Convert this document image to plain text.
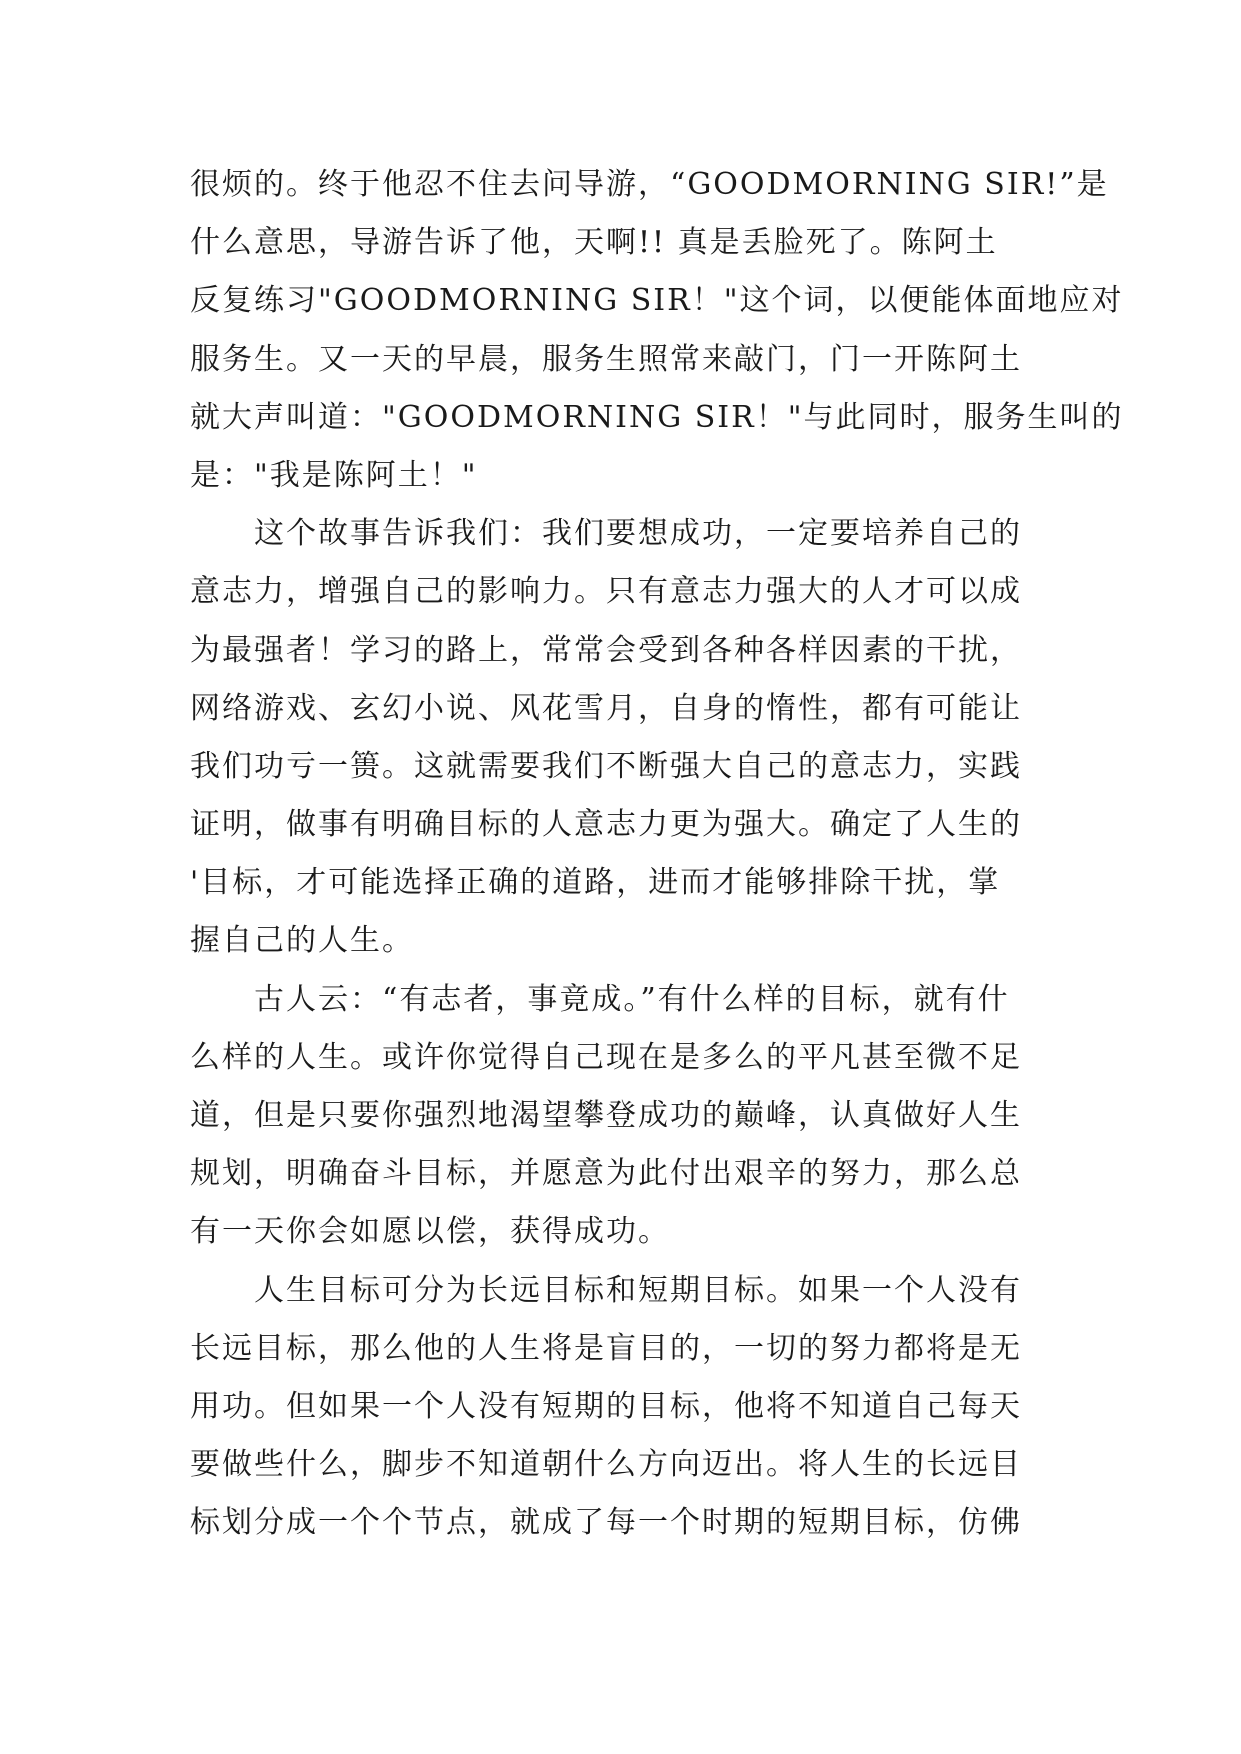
很烦的。终于他忍不住去问导游，“GOODMORNING SIR!”是
什么意思，导游告诉了他，天啊!! 真是丢脸死了。陈阿土
反复练习"GOODMORNING SIR！"这个词，以便能体面地应对
服务生。又一天的早晨，服务生照常来敲门，门一开陈阿土
就大声叫道："GOODMORNING SIR！"与此同时，服务生叫的
是："我是陈阿土！"
这个故事告诉我们：我们要想成功，一定要培养自己的
意志力，增强自己的影响力。只有意志力强大的人才可以成
为最强者！学习的路上，常常会受到各种各样因素的干扰，
网络游戏、玄幻小说、风花雪月，自身的惰性，都有可能让
我们功亏一篑。这就需要我们不断强大自己的意志力，实践
证明，做事有明确目标的人意志力更为强大。确定了人生的
'目标，才可能选择正确的道路，进而才能够排除干扰，掌
握自己的人生。
古人云：“有志者，事竟成。”有什么样的目标，就有什
么样的人生。或许你觉得自己现在是多么的平凡甚至微不足
道，但是只要你强烈地渴望攀登成功的巅峰，认真做好人生
规划，明确奋斗目标，并愿意为此付出艰辛的努力，那么总
有一天你会如愿以偿，获得成功。
人生目标可分为长远目标和短期目标。如果一个人没有
长远目标，那么他的人生将是盲目的，一切的努力都将是无
用功。但如果一个人没有短期的目标，他将不知道自己每天
要做些什么，脚步不知道朝什么方向迈出。将人生的长远目
标划分成一个个节点，就成了每一个时期的短期目标，仿佛
